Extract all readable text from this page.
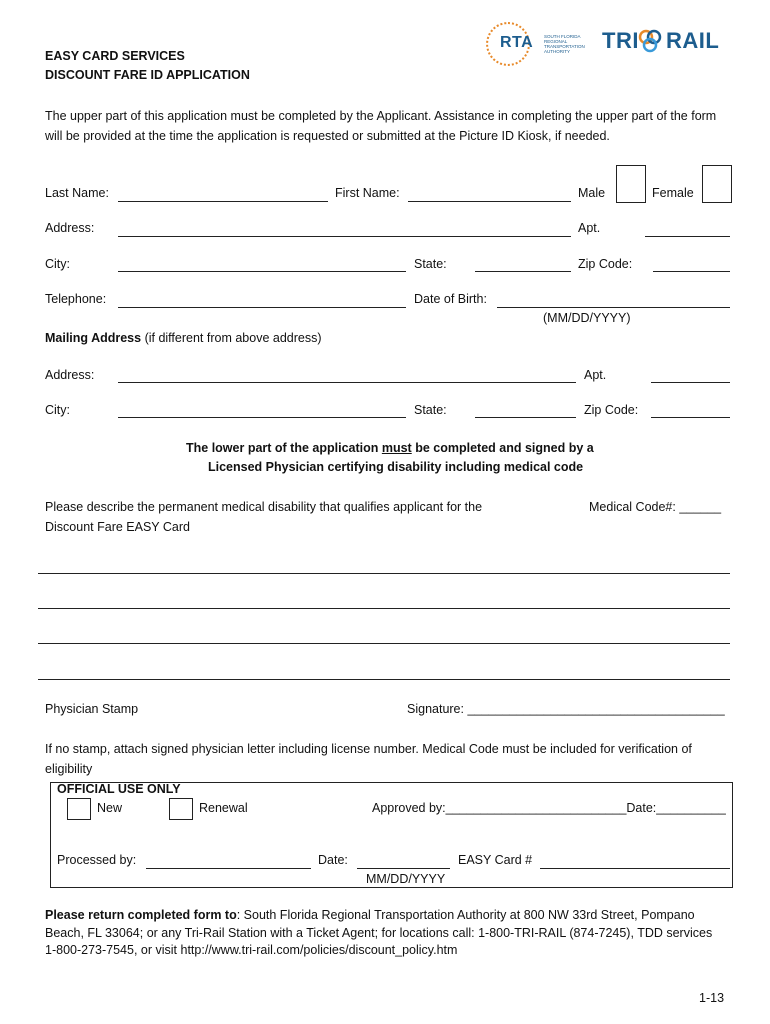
EASY CARD SERVICES
DISCOUNT FARE ID APPLICATION
RTA SOUTH FLORIDA REGIONAL TRANSPORTATION AUTHORITY	TRI RAIL
The upper part of this application must be completed by the Applicant. Assistance in completing the upper part of the form will be provided at the time the application is requested or submitted at the Picture ID Kiosk, if needed.
Last Name:	First Name:	Male	Female
Address:	Apt.
City:	State:	Zip Code:
Telephone:	Date of Birth:
(MM/DD/YYYY)
Mailing Address (if different from above address)
Address:	Apt.
City:	State:	Zip Code:
The lower part of the application must be completed and signed by a
Licensed Physician certifying disability including medical code
Please describe the permanent medical disability that qualifies applicant for the
Discount Fare EASY Card
Medical Code#: ______
Physician Stamp	Signature: _____________________________________
If no stamp, attach signed physician letter including license number. Medical Code must be included for verification of eligibility
OFFICIAL USE ONLY
New	Renewal	Approved by:__________________________Date:__________
Processed by:	Date:	EASY Card #
MM/DD/YYYY
Please return completed form to: South Florida Regional Transportation Authority at 800 NW 33rd Street, Pompano Beach, FL 33064; or any Tri-Rail Station with a Ticket Agent; for locations call: 1-800-TRI-RAIL (874-7245), TDD services 1-800-273-7545, or visit http://www.tri-rail.com/policies/discount_policy.htm
1-13
